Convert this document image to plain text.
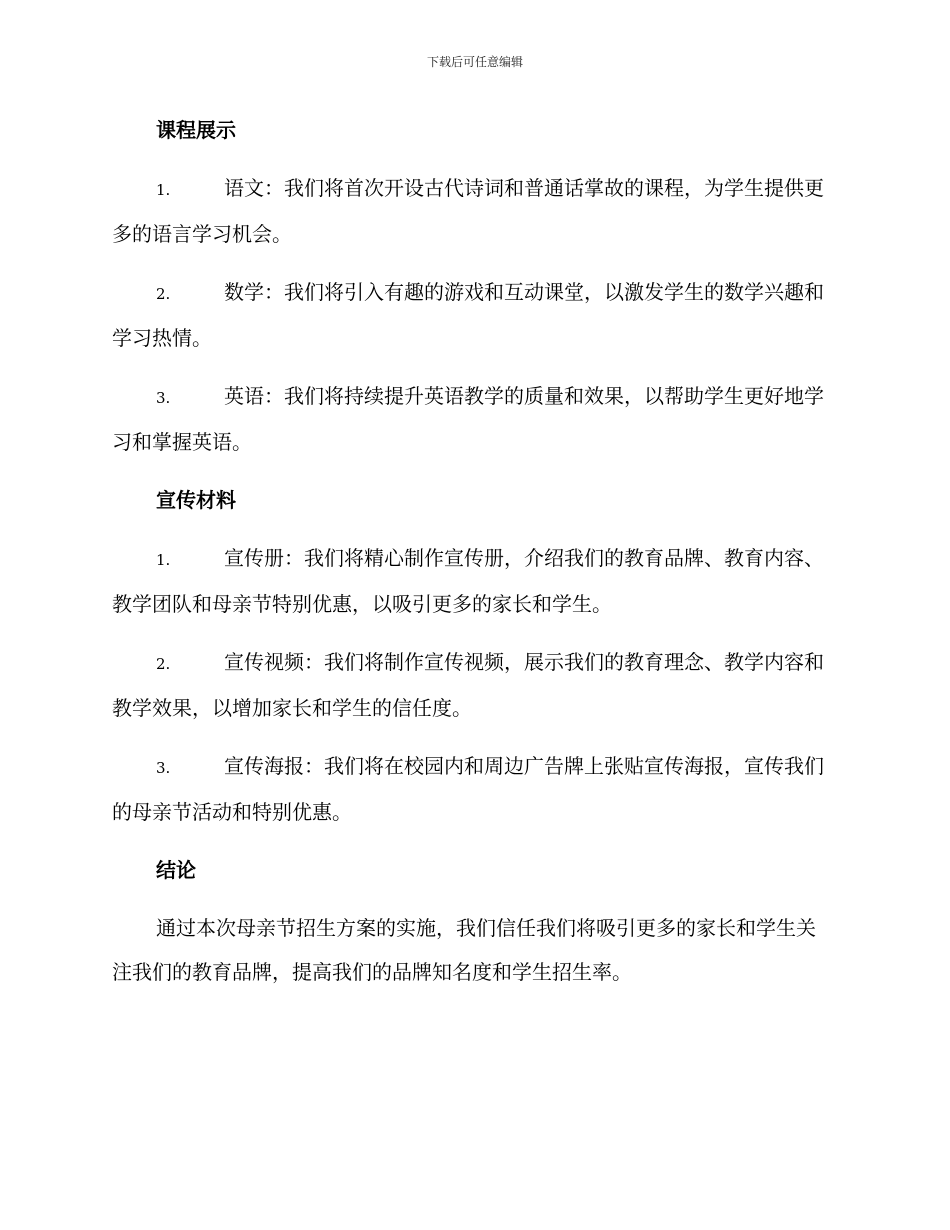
下载后可任意编辑
课程展示

1.	语文：我们将首次开设古代诗词和普通话掌故的课程，为学生提供更多的语言学习机会。

2.	数学：我们将引入有趣的游戏和互动课堂，以激发学生的数学兴趣和学习热情。

3.	英语：我们将持续提升英语教学的质量和效果，以帮助学生更好地学习和掌握英语。

宣传材料

1.	宣传册：我们将精心制作宣传册，介绍我们的教育品牌、教育内容、教学团队和母亲节特别优惠，以吸引更多的家长和学生。

2.	宣传视频：我们将制作宣传视频，展示我们的教育理念、教学内容和教学效果，以增加家长和学生的信任度。

3.	宣传海报：我们将在校园内和周边广告牌上张贴宣传海报，宣传我们的母亲节活动和特别优惠。

结论

通过本次母亲节招生方案的实施，我们信任我们将吸引更多的家长和学生关注我们的教育品牌，提高我们的品牌知名度和学生招生率。
